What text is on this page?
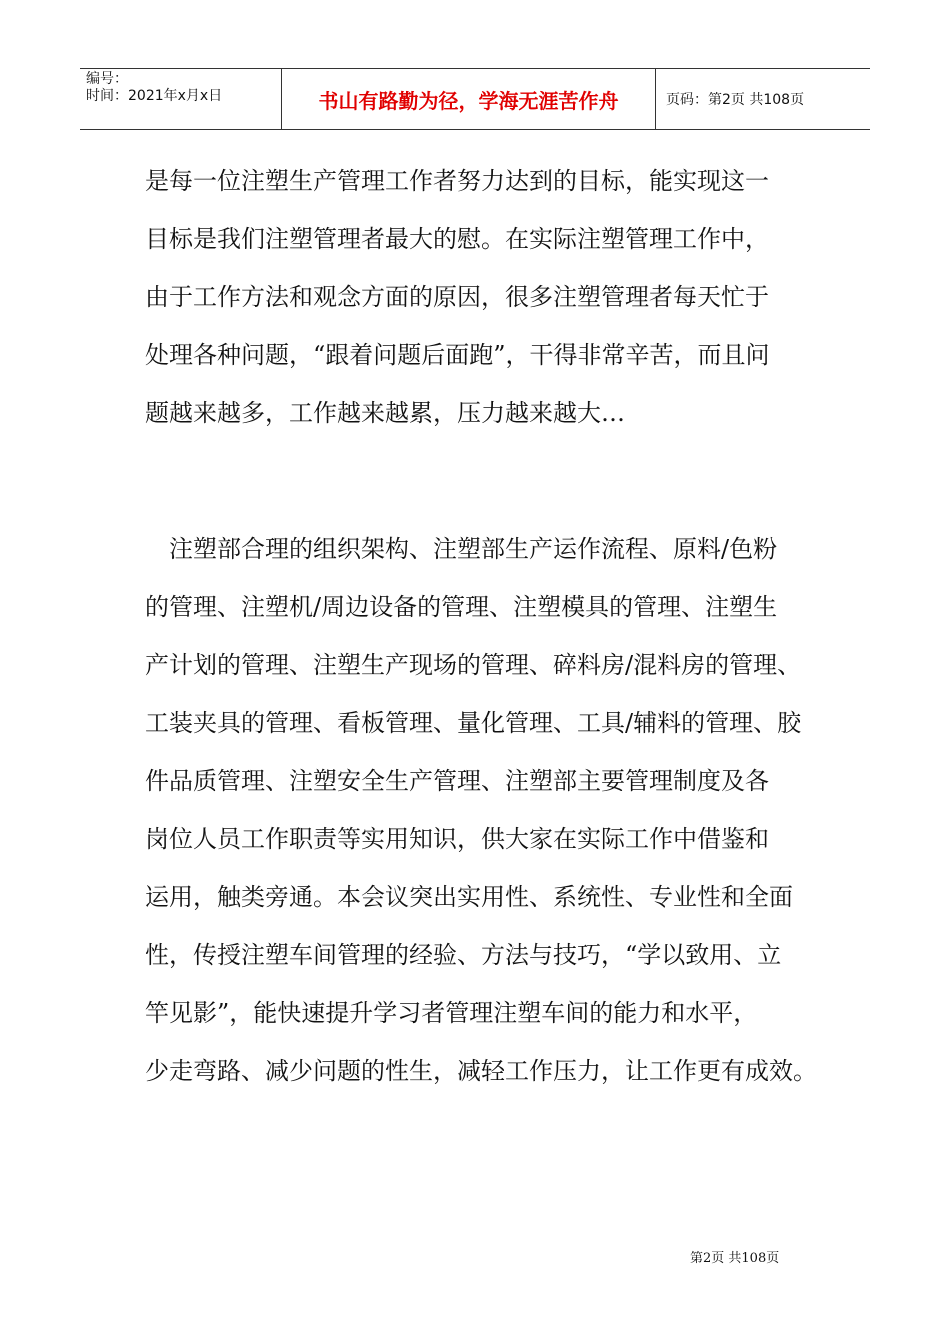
编号：
时间：2021年x月x日	书山有路勤为径，学海无涯苦作舟	页码：第2页 共108页
是每一位注塑生产管理工作者努力达到的目标，能实现这一
目标是我们注塑管理者最大的慰。在实际注塑管理工作中，
由于工作方法和观念方面的原因，很多注塑管理者每天忙于
处理各种问题，“跟着问题后面跑”，干得非常辛苦，而且问
题越来越多，工作越来越累，压力越来越大…
　注塑部合理的组织架构、注塑部生产运作流程、原料/色粉
的管理、注塑机/周边设备的管理、注塑模具的管理、注塑生
产计划的管理、注塑生产现场的管理、碎料房/混料房的管理、
工装夹具的管理、看板管理、量化管理、工具/辅料的管理、胶
件品质管理、注塑安全生产管理、注塑部主要管理制度及各
岗位人员工作职责等实用知识，供大家在实际工作中借鉴和
运用，触类旁通。本会议突出实用性、系统性、专业性和全面
性，传授注塑车间管理的经验、方法与技巧，“学以致用、立
竿见影”，能快速提升学习者管理注塑车间的能力和水平，
少走弯路、减少问题的性生，减轻工作压力，让工作更有成效。
第2页 共108页
